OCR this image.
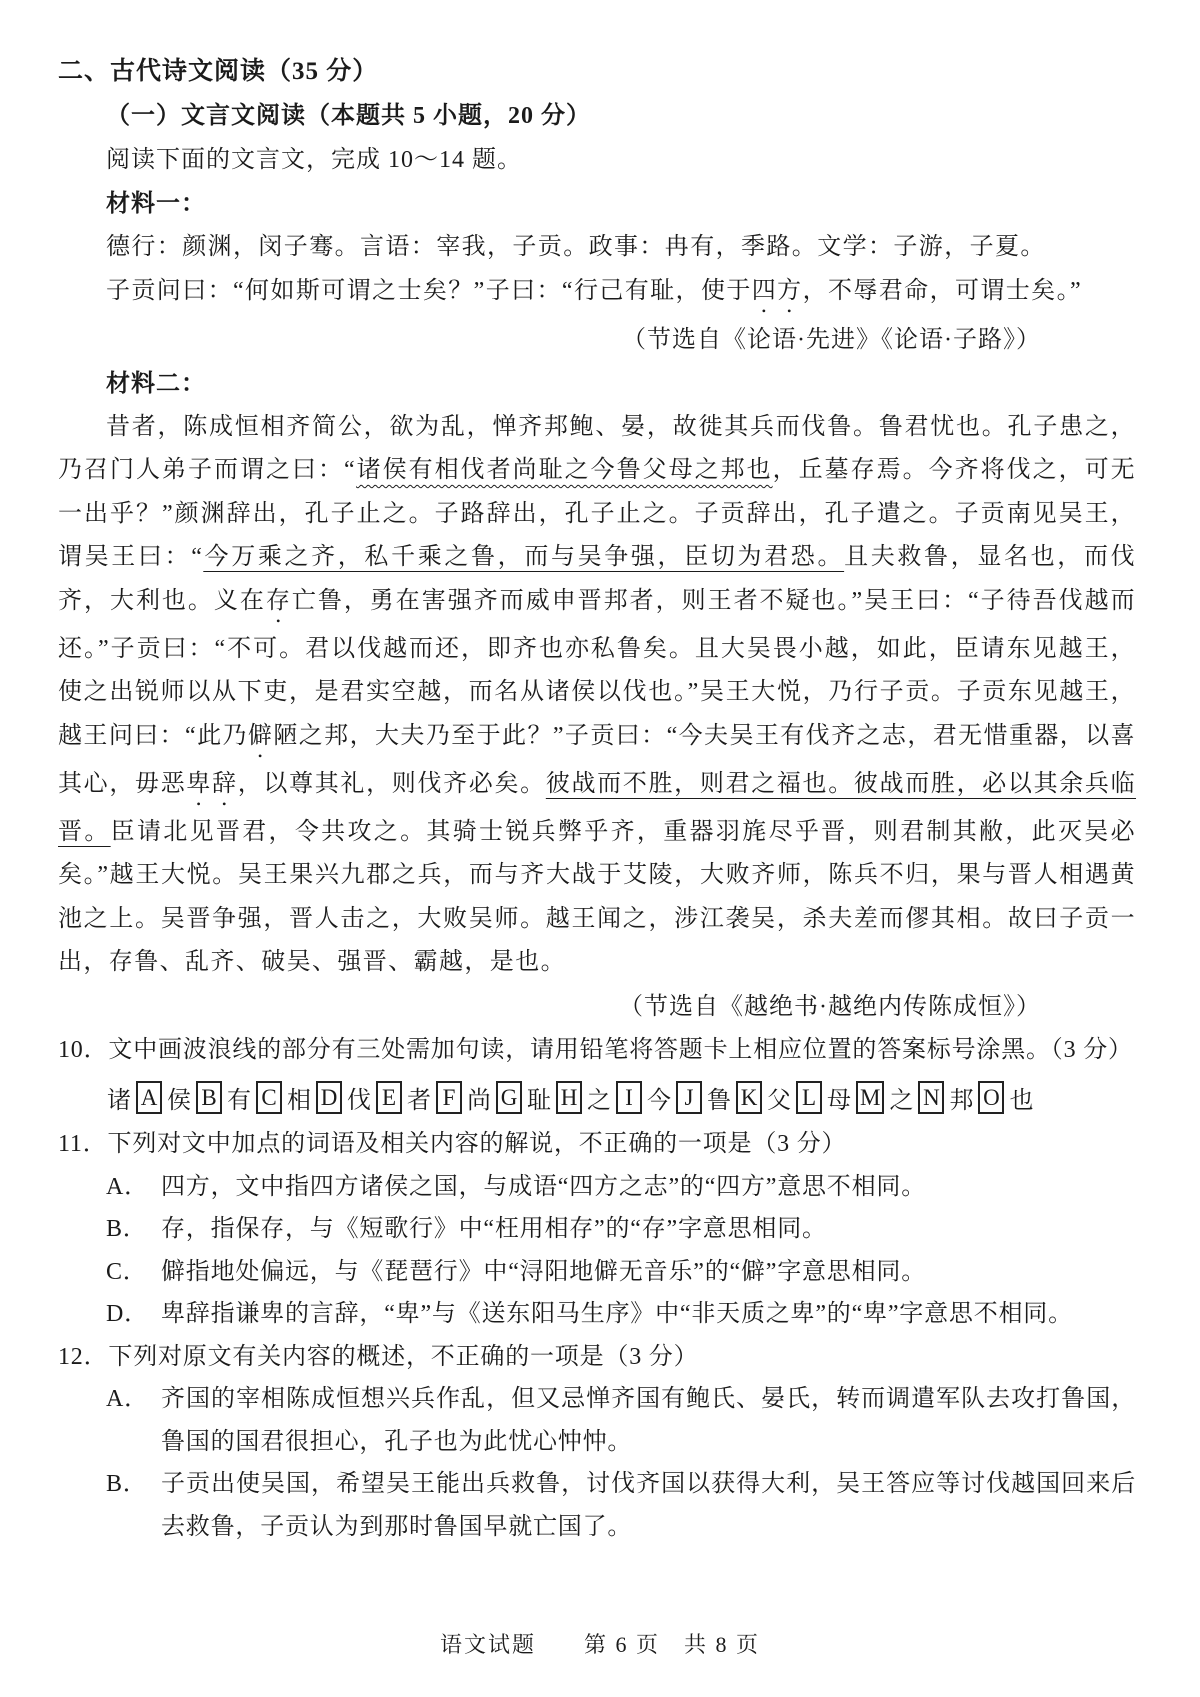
二、古代诗文阅读（35 分）
（一）文言文阅读（本题共 5 小题，20 分）
阅读下面的文言文，完成 10～14 题。
材料一：

德行：颜渊，闵子骞。言语：宰我，子贡。政事：冉有，季路。文学：子游，子夏。

子贡问曰：“何如斯可谓之士矣？”子曰：“行己有耻，使于四方，不辱君命，可谓士矣。”

（节选自《论语·先进》《论语·子路》）
材料二：

昔者，陈成恒相齐简公，欲为乱，惮齐邦鲍、晏，故徙其兵而伐鲁。鲁君忧也。孔子患之，乃召门人弟子而谓之曰：“诸侯有相伐者尚耻之今鲁父母之邦也，丘墓存焉。今齐将伐之，可无一出乎？”颜渊辞出，孔子止之。子路辞出，孔子止之。子贡辞出，孔子遣之。子贡南见吴王，谓吴王曰：“今万乘之齐，私千乘之鲁，而与吴争强，臣切为君恐。且夫救鲁，显名也，而伐齐，大利也。义在存亡鲁，勇在害强齐而威申晋邦者，则王者不疑也。”吴王曰：“子待吾伐越而还。”子贡曰：“不可。君以伐越而还，即齐也亦私鲁矣。且大吴畏小越，如此，臣请东见越王，使之出锐师以从下吏，是君实空越，而名从诸侯以伐也。”吴王大悦，乃行子贡。子贡东见越王，越王问曰：“此乃僻陋之邦，大夫乃至于此？”子贡曰：“今夫吴王有伐齐之志，君无惜重器，以喜其心，毋恶卑辞，以尊其礼，则伐齐必矣。彼战而不胜，则君之福也。彼战而胜，必以其余兵临晋。臣请北见晋君，令共攻之。其骑士锐兵弊乎齐，重器羽旄尽乎晋，则君制其敝，此灭吴必矣。”越王大悦。吴王果兴九郡之兵，而与齐大战于艾陵，大败齐师，陈兵不归，果与晋人相遇黄池之上。吴晋争强，晋人击之，大败吴师。越王闻之，涉江袭吴，杀夫差而僇其相。故曰子贡一出，存鲁、乱齐、破吴、强晋、霸越，是也。

（节选自《越绝书·越绝内传陈成恒》）
10． 文中画波浪线的部分有三处需加句读，请用铅笔将答题卡上相应位置的答案标号涂黑。（3 分）
诸 A 侯 B 有 C 相 D 伐 E 者 F 尚 G 耻 H 之 I 今 J 鲁 K 父 L 母 M 之 N 邦 O 也
11． 下列对文中加点的词语及相关内容的解说，不正确的一项是（3 分）
A． 四方，文中指四方诸侯之国，与成语“四方之志”的“四方”意思不相同。
B． 存，指保存，与《短歌行》中“枉用相存”的“存”字意思相同。
C． 僻指地处偏远，与《琵琶行》中“浔阳地僻无音乐”的“僻”字意思相同。
D． 卑辞指谦卑的言辞，“卑”与《送东阳马生序》中“非天质之卑”的“卑”字意思不相同。
12． 下列对原文有关内容的概述，不正确的一项是（3 分）
A． 齐国的宰相陈成恒想兴兵作乱，但又忌惮齐国有鲍氏、晏氏，转而调遣军队去攻打鲁国，鲁国的国君很担心，孔子也为此忧心忡忡。
B． 子贡出使吴国，希望吴王能出兵救鲁，讨伐齐国以获得大利，吴王答应等讨伐越国回来后去救鲁，子贡认为到那时鲁国早就亡国了。
语文试题　　第 6 页　共 8 页
